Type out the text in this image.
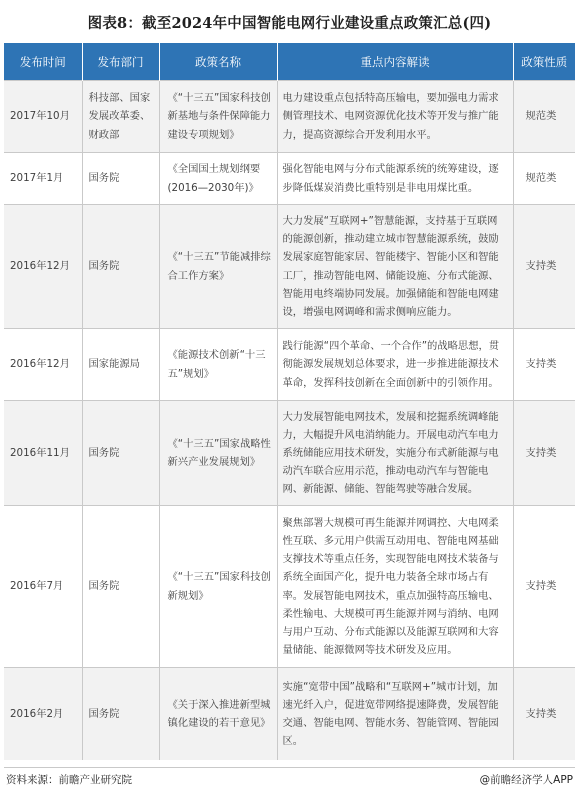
图表8：截至2024年中国智能电网行业建设重点政策汇总(四)
发布时间	发布部门	政策名称	重点内容解读	政策性质
2017年10月	科技部、国家发展改革委、财政部	《“十三五”国家科技创新基地与条件保障能力建设专项规划》	电力建设重点包括特高压输电，要加强电力需求侧管理技术、电网资源优化技术等开发与推广能力，提高资源综合开发利用水平。	规范类
2017年1月	国务院	《全国国土规划纲要(2016—2030年)》	强化智能电网与分布式能源系统的统筹建设，逐步降低煤炭消费比重特别是非电用煤比重。	规范类
2016年12月	国务院	《“十三五”节能减排综合工作方案》	大力发展“互联网+”智慧能源，支持基于互联网的能源创新，推动建立城市智慧能源系统，鼓励发展家庭智能家居、智能楼宇、智能小区和智能工厂，推动智能电网、储能设施、分布式能源、智能用电终端协同发展。加强储能和智能电网建设，增强电网调峰和需求侧响应能力。	支持类
2016年12月	国家能源局	《能源技术创新“十三五”规划》	践行能源“四个革命、一个合作”的战略思想，贯彻能源发展规划总体要求，进一步推进能源技术革命，发挥科技创新在全面创新中的引领作用。	支持类
2016年11月	国务院	《“十三五”国家战略性新兴产业发展规划》	大力发展智能电网技术，发展和挖掘系统调峰能力，大幅提升风电消纳能力。开展电动汽车电力系统储能应用技术研发，实施分布式新能源与电动汽车联合应用示范，推动电动汽车与智能电网、新能源、储能、智能驾驶等融合发展。	支持类
2016年7月	国务院	《“十三五”国家科技创新规划》	聚焦部署大规模可再生能源并网调控、大电网柔性互联、多元用户供需互动用电、智能电网基础支撑技术等重点任务，实现智能电网技术装备与系统全面国产化，提升电力装备全球市场占有率。发展智能电网技术，重点加强特高压输电、柔性输电、大规模可再生能源并网与消纳、电网与用户互动、分布式能源以及能源互联网和大容量储能、能源微网等技术研发及应用。	支持类
2016年2月	国务院	《关于深入推进新型城镇化建设的若干意见》	实施“宽带中国”战略和“互联网+”城市计划，加速光纤入户，促进宽带网络提速降费，发展智能交通、智能电网、智能水务、智能管网、智能园区。	支持类
资料来源：前瞻产业研究院	@前瞻经济学人APP
